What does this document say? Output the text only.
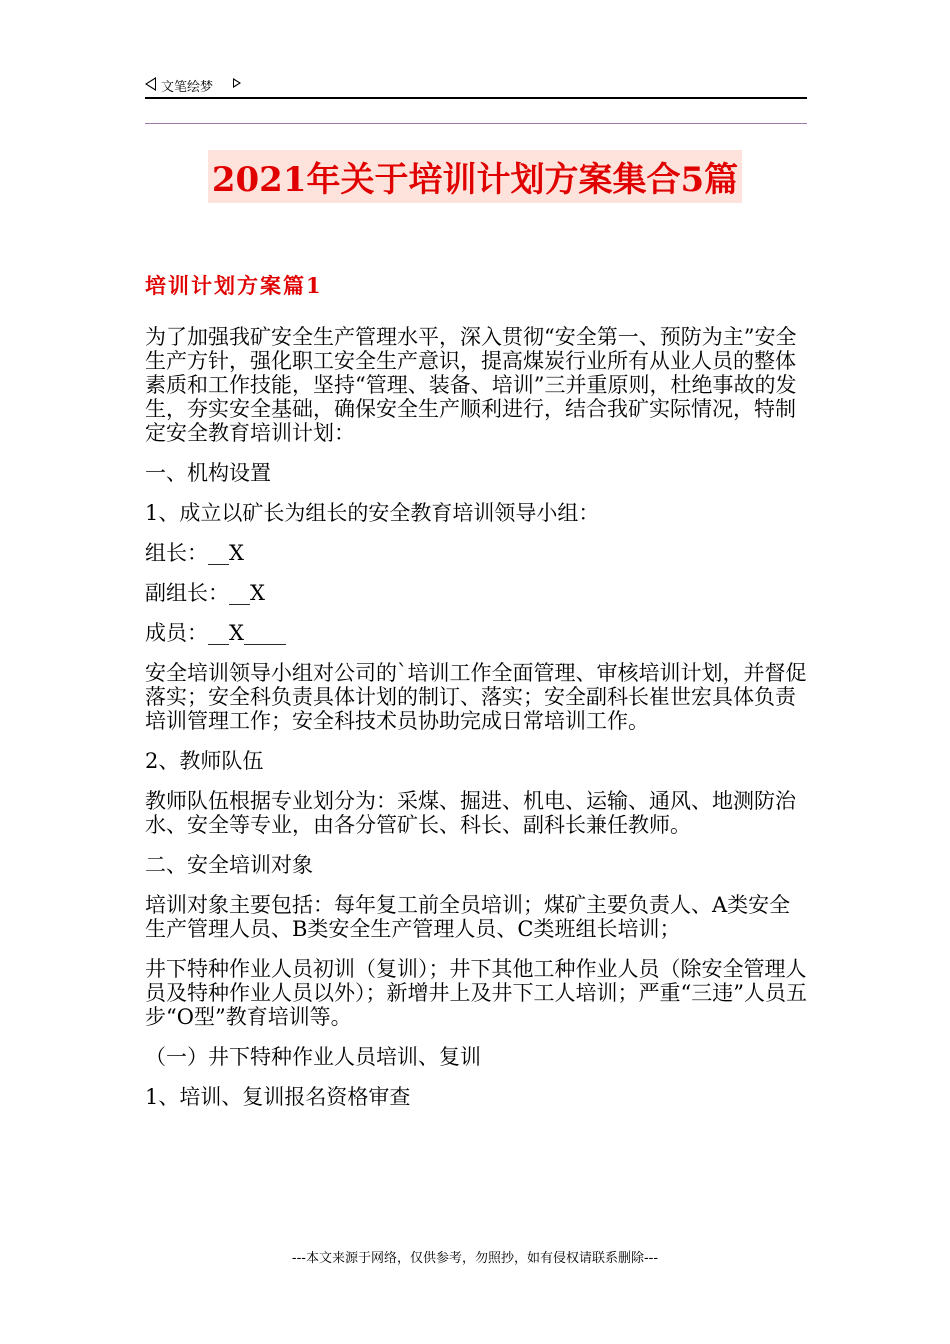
文笔绘梦
2021年关于培训计划方案集合5篇
培训计划方案篇1

为了加强我矿安全生产管理水平，深入贯彻“安全第一、预防为主”安全生产方针，强化职工安全生产意识，提高煤炭行业所有从业人员的整体素质和工作技能，坚持“管理、装备、培训”三并重原则，杜绝事故的发生，夯实安全基础，确保安全生产顺利进行，结合我矿实际情况，特制定安全教育培训计划：

一、机构设置

1、成立以矿长为组长的安全教育培训领导小组：

组长：__X

副组长：__X

成员：__X____

安全培训领导小组对公司的`培训工作全面管理、审核培训计划，并督促落实；安全科负责具体计划的制订、落实；安全副科长崔世宏具体负责培训管理工作；安全科技术员协助完成日常培训工作。

2、教师队伍

教师队伍根据专业划分为：采煤、掘进、机电、运输、通风、地测防治水、安全等专业，由各分管矿长、科长、副科长兼任教师。

二、安全培训对象

培训对象主要包括：每年复工前全员培训；煤矿主要负责人、A类安全生产管理人员、B类安全生产管理人员、C类班组长培训；

井下特种作业人员初训（复训）；井下其他工种作业人员（除安全管理人员及特种作业人员以外）；新增井上及井下工人培训；严重“三违”人员五步“O型”教育培训等。

（一）井下特种作业人员培训、复训

1、培训、复训报名资格审查

---本文来源于网络，仅供参考，勿照抄，如有侵权请联系删除---
